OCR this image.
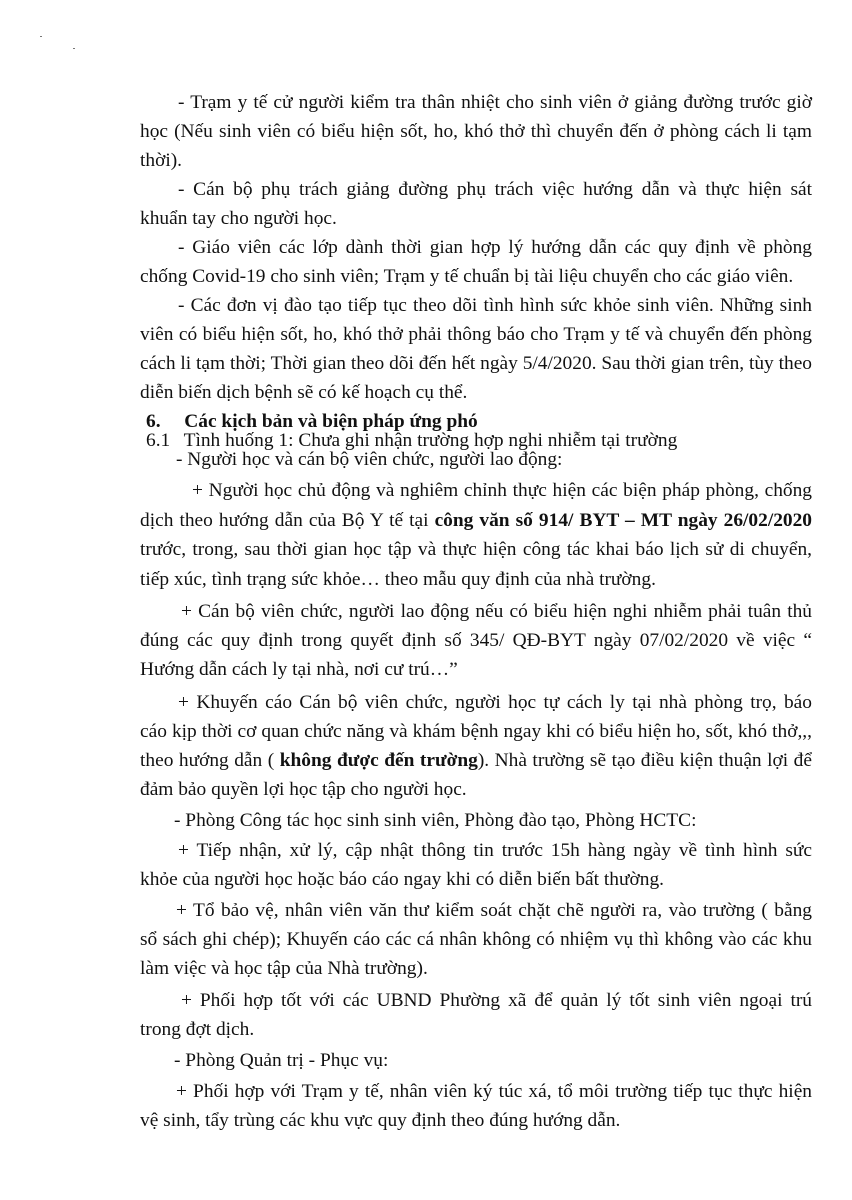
- Trạm y tế cử người kiểm tra thân nhiệt cho sinh viên ở giảng đường trước giờ
học (Nếu sinh viên có biểu hiện sốt, ho, khó thở thì chuyển đến ở phòng cách li tạm
thời).
- Cán bộ phụ trách giảng đường phụ trách việc hướng dẫn và thực hiện sát
khuẩn tay cho người học.
- Giáo viên các lớp dành thời gian hợp lý hướng dẫn các quy định về phòng
chống Covid-19 cho sinh viên; Trạm y tế chuẩn bị tài liệu chuyển cho các giáo viên.
- Các đơn vị đào tạo tiếp tục theo dõi tình hình sức khỏe sinh viên. Những sinh
viên có biểu hiện sốt, ho, khó thở phải thông báo cho Trạm y tế và chuyển đến phòng
cách li tạm thời; Thời gian theo dõi đến hết ngày 5/4/2020. Sau thời gian trên, tùy theo
diễn biến dịch bệnh sẽ có kế hoạch cụ thể.
6. Các kịch bản và biện pháp ứng phó
6.1 Tình huống 1: Chưa ghi nhận trường hợp nghi nhiễm tại trường
- Người học và cán bộ viên chức, người lao động:
+ Người học chủ động và nghiêm chỉnh thực hiện các biện pháp phòng, chống
dịch theo hướng dẫn của Bộ Y tế tại công văn số 914/ BYT – MT ngày 26/02/2020
trước, trong, sau thời gian học tập và thực hiện công tác khai báo lịch sử di chuyển,
tiếp xúc, tình trạng sức khỏe… theo mẫu quy định của nhà trường.
+ Cán bộ viên chức, người lao động nếu có biểu hiện nghi nhiễm phải tuân thủ
đúng các quy định trong quyết định số 345/ QĐ-BYT ngày 07/02/2020 về việc “
Hướng dẫn cách ly tại nhà, nơi cư trú…”
+ Khuyến cáo Cán bộ viên chức, người học tự cách ly tại nhà phòng trọ, báo
cáo kịp thời cơ quan chức năng và khám bệnh ngay khi có biểu hiện ho, sốt, khó thở,,,
theo hướng dẫn ( không được đến trường). Nhà trường sẽ tạo điều kiện thuận lợi để
đảm bảo quyền lợi học tập cho người học.
- Phòng Công tác học sinh sinh viên, Phòng đào tạo, Phòng HCTC:
+ Tiếp nhận, xử lý, cập nhật thông tin trước 15h hàng ngày về tình hình sức
khỏe của người học hoặc báo cáo ngay khi có diễn biến bất thường.
+ Tổ bảo vệ, nhân viên văn thư kiểm soát chặt chẽ người ra, vào trường ( bằng
sổ sách ghi chép); Khuyến cáo các cá nhân không có nhiệm vụ thì không vào các khu
làm việc và học tập của Nhà trường).
+ Phối hợp tốt với các UBND Phường xã để quản lý tốt sinh viên ngoại trú
trong đợt dịch.
- Phòng Quản trị - Phục vụ:
+ Phối hợp với Trạm y tế, nhân viên ký túc xá, tổ môi trường tiếp tục thực hiện
vệ sinh, tẩy trùng các khu vực quy định theo đúng hướng dẫn.
